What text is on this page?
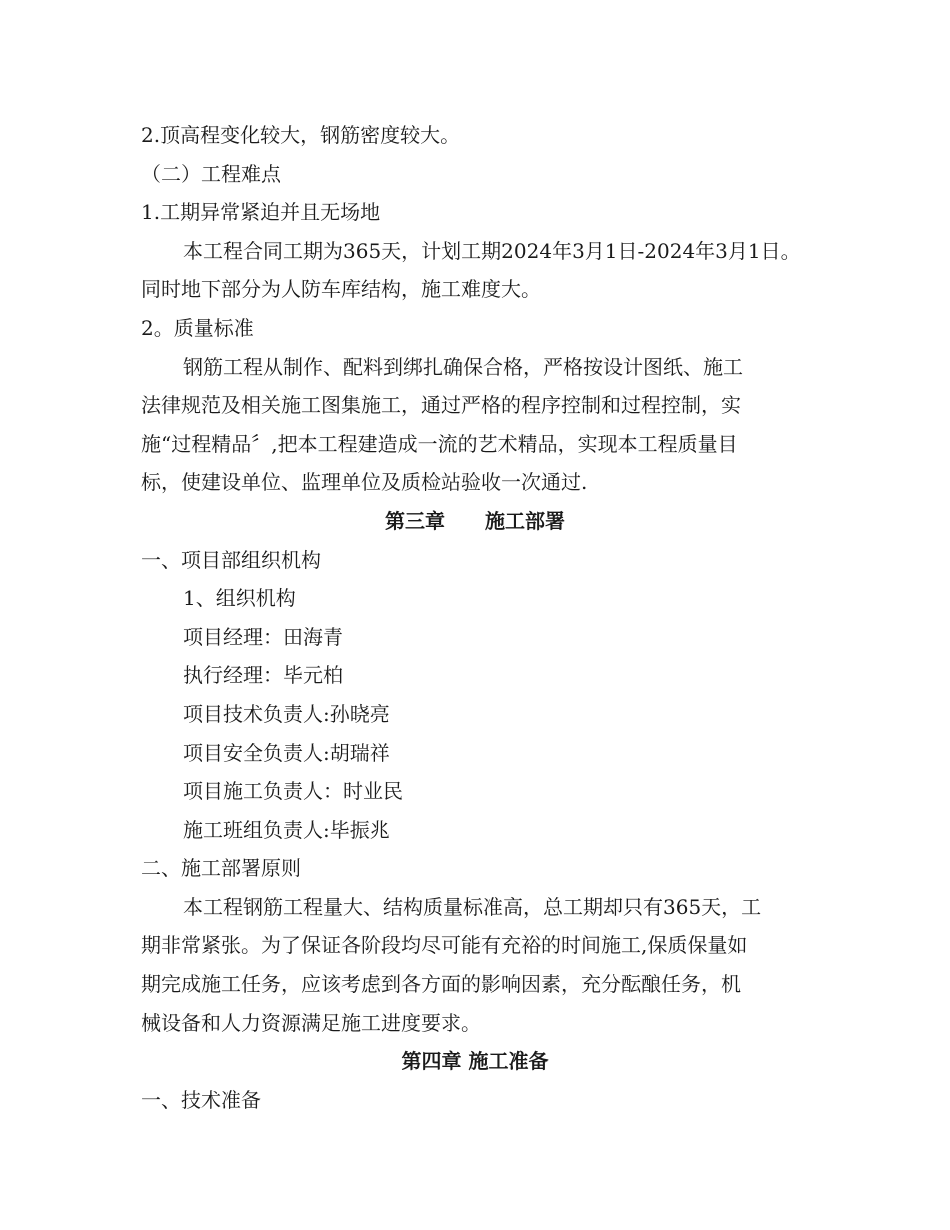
2.顶高程变化较大，钢筋密度较大。
（二）工程难点
1.工期异常紧迫并且无场地
本工程合同工期为365天，计划工期2024年3月1日-2024年3月1日。
同时地下部分为人防车库结构，施工难度大。
2。质量标准
钢筋工程从制作、配料到绑扎确保合格，严格按设计图纸、施工
法律规范及相关施工图集施工，通过严格的程序控制和过程控制，实
施“过程精品〞,把本工程建造成一流的艺术精品，实现本工程质量目
标，使建设单位、监理单位及质检站验收一次通过.
第三章　　施工部署
一、项目部组织机构
1、组织机构
项目经理：田海青
执行经理：毕元柏
项目技术负责人:孙晓亮
项目安全负责人:胡瑞祥
项目施工负责人：时业民
施工班组负责人:毕振兆
二、施工部署原则
本工程钢筋工程量大、结构质量标准高，总工期却只有365天，工
期非常紧张。为了保证各阶段均尽可能有充裕的时间施工,保质保量如
期完成施工任务，应该考虑到各方面的影响因素，充分酝酿任务，机
械设备和人力资源满足施工进度要求。
第四章 施工准备
一、技术准备
